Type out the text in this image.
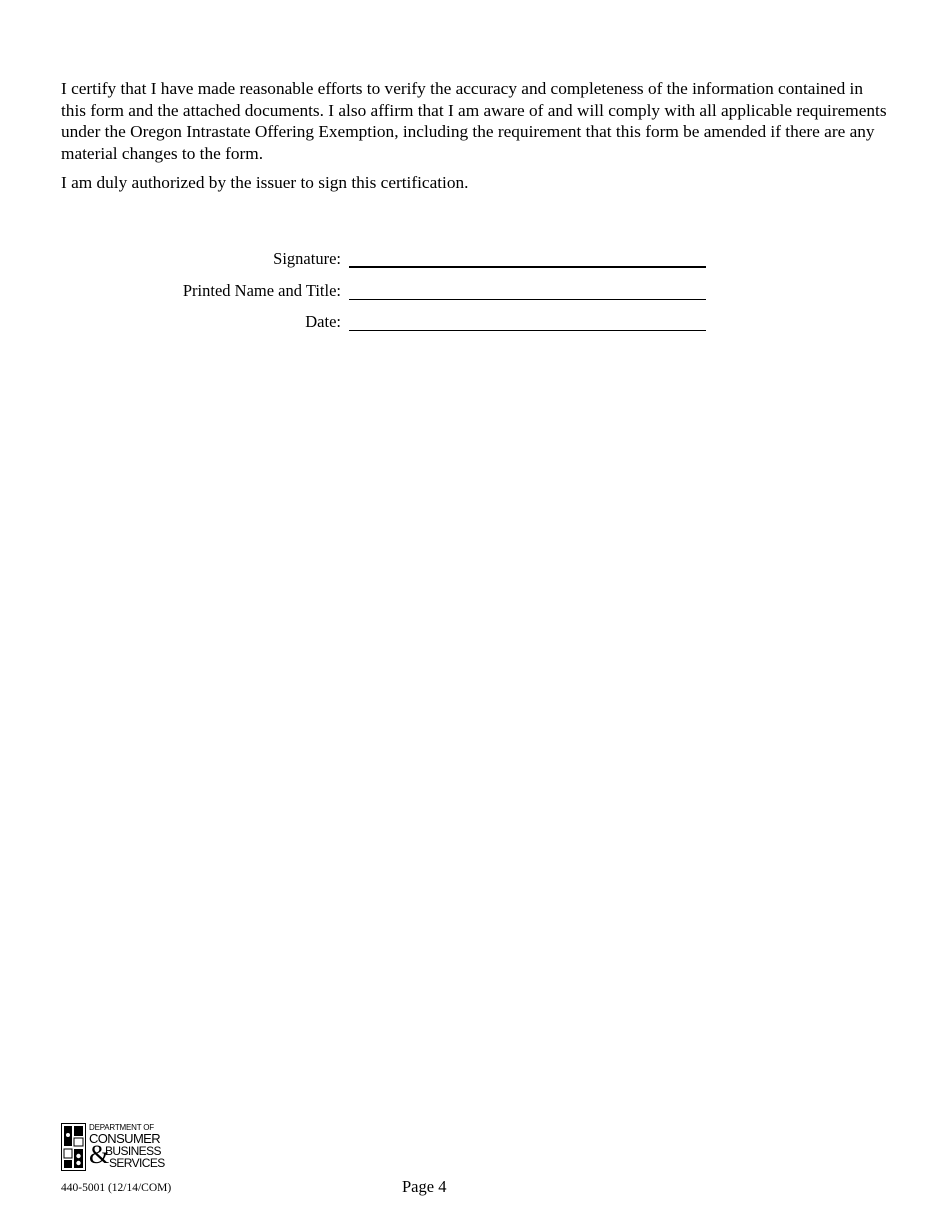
I certify that I have made reasonable efforts to verify the accuracy and completeness of the information contained in this form and the attached documents. I also affirm that I am aware of and will comply with all applicable requirements under the Oregon Intrastate Offering Exemption, including the requirement that this form be amended if there are any material changes to the form.

I am duly authorized by the issuer to sign this certification.

Signature:
Printed Name and Title:
Date:
DEPARTMENT OF
CONSUMER
&
BUSINESS
SERVICES
440-5001 (12/14/COM)	Page 4
